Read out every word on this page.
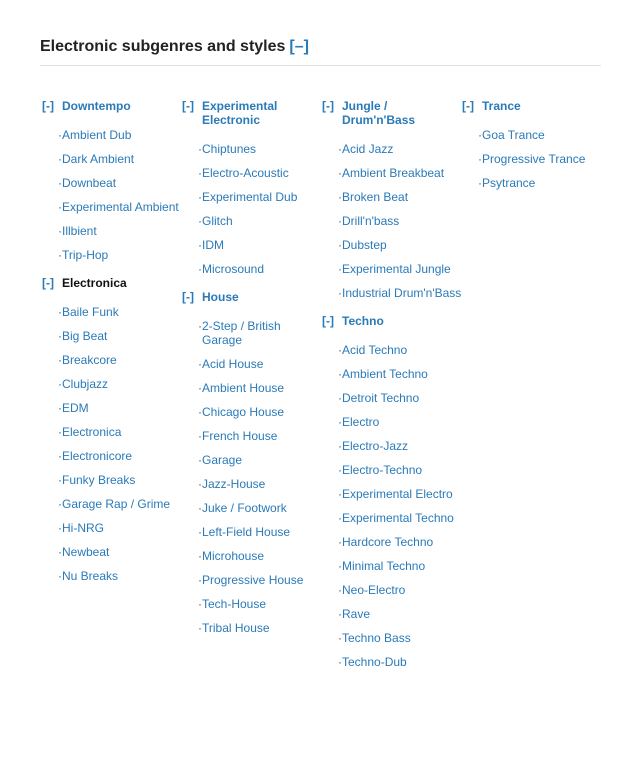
Electronic subgenres and styles [–]
[-] Downtempo
· Ambient Dub
· Dark Ambient
· Downbeat
· Experimental Ambient
· Illbient
· Trip-Hop
[-] Electronica
· Baile Funk
· Big Beat
· Breakcore
· Clubjazz
· EDM
· Electronica
· Electronicore
· Funky Breaks
· Garage Rap / Grime
· Hi-NRG
· Newbeat
· Nu Breaks
[-] Experimental Electronic
· Chiptunes
· Electro-Acoustic
· Experimental Dub
· Glitch
· IDM
· Microsound
[-] House
· 2-Step / British Garage
· Acid House
· Ambient House
· Chicago House
· French House
· Garage
· Jazz-House
· Juke / Footwork
· Left-Field House
· Microhouse
· Progressive House
· Tech-House
· Tribal House
[-] Jungle / Drum'n'Bass
· Acid Jazz
· Ambient Breakbeat
· Broken Beat
· Drill'n'bass
· Dubstep
· Experimental Jungle
· Industrial Drum'n'Bass
[-] Techno
· Acid Techno
· Ambient Techno
· Detroit Techno
· Electro
· Electro-Jazz
· Electro-Techno
· Experimental Electro
· Experimental Techno
· Hardcore Techno
· Minimal Techno
· Neo-Electro
· Rave
· Techno Bass
· Techno-Dub
[-] Trance
· Goa Trance
· Progressive Trance
· Psytrance
